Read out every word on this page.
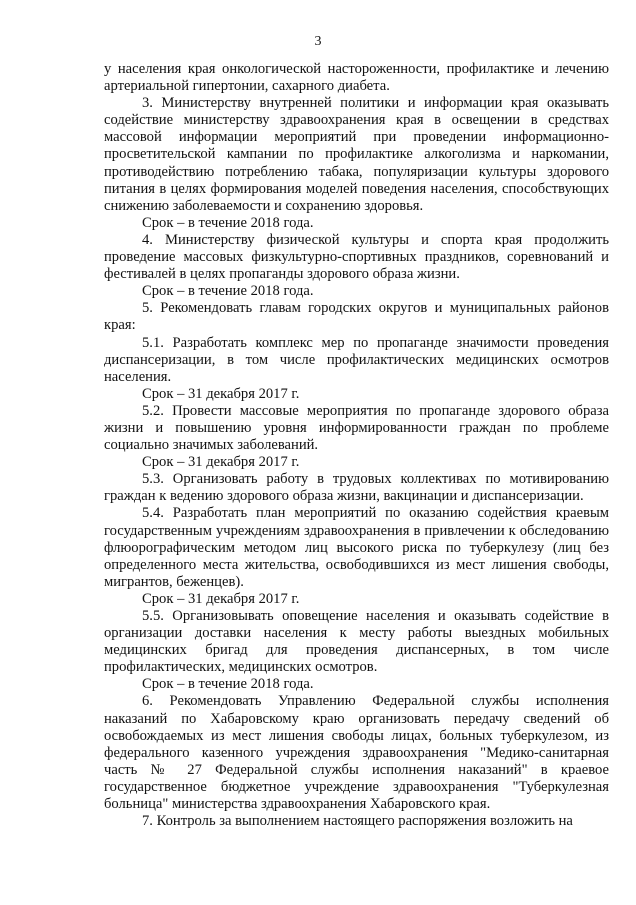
3

у населения края онкологической настороженности, профилактике и лечению артериальной гипертонии, сахарного диабета.

3. Министерству внутренней политики и информации края оказывать содействие министерству здравоохранения края в освещении в средствах массовой информации мероприятий при проведении информационно-просветительской кампании по профилактике алкоголизма и наркомании, противодействию потреблению табака, популяризации культуры здорового питания в целях формирования моделей поведения населения, способствующих снижению заболеваемости и сохранению здоровья.

Срок – в течение 2018 года.

4. Министерству физической культуры и спорта края продолжить проведение массовых физкультурно-спортивных праздников, соревнований и фестивалей в целях пропаганды здорового образа жизни.

Срок – в течение 2018 года.

5. Рекомендовать главам городских округов и муниципальных районов края:

5.1. Разработать комплекс мер по пропаганде значимости проведения диспансеризации, в том числе профилактических медицинских осмотров населения.

Срок – 31 декабря 2017 г.

5.2. Провести массовые мероприятия по пропаганде здорового образа жизни и повышению уровня информированности граждан по проблеме социально значимых заболеваний.

Срок – 31 декабря 2017 г.

5.3. Организовать работу в трудовых коллективах по мотивированию граждан к ведению здорового образа жизни, вакцинации и диспансеризации.

5.4. Разработать план мероприятий по оказанию содействия краевым государственным учреждениям здравоохранения в привлечении к обследованию флюорографическим методом лиц высокого риска по туберкулезу (лиц без определенного места жительства, освободившихся из мест лишения свободы, мигрантов, беженцев).

Срок – 31 декабря 2017 г.

5.5. Организовывать оповещение населения и оказывать содействие в организации доставки населения к месту работы выездных мобильных медицинских бригад для проведения диспансерных, в том числе профилактических, медицинских осмотров.

Срок – в течение 2018 года.

6. Рекомендовать Управлению Федеральной службы исполнения наказаний по Хабаровскому краю организовать передачу сведений об освобождаемых из мест лишения свободы лицах, больных туберкулезом, из федерального казенного учреждения здравоохранения "Медико-санитарная часть № 27 Федеральной службы исполнения наказаний" в краевое государственное бюджетное учреждение здравоохранения "Туберкулезная больница" министерства здравоохранения Хабаровского края.

7. Контроль за выполнением настоящего распоряжения возложить на
